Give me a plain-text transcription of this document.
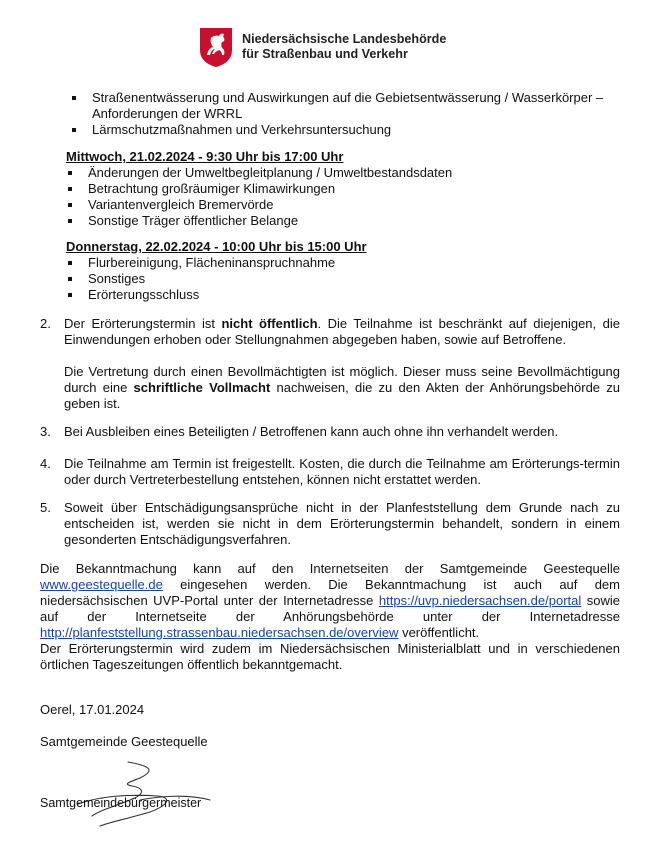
Niedersächsische Landesbehörde
für Straßenbau und Verkehr
Straßenentwässerung und Auswirkungen auf die Gebietsentwässerung / Wasserkörper – Anforderungen der WRRL
Lärmschutzmaßnahmen und Verkehrsuntersuchung
Mittwoch, 21.02.2024 - 9:30 Uhr bis 17:00 Uhr
Änderungen der Umweltbegleitplanung / Umweltbestandsdaten
Betrachtung großräumiger Klimawirkungen
Variantenvergleich Bremervörde
Sonstige Träger öffentlicher Belange
Donnerstag, 22.02.2024 - 10:00 Uhr bis 15:00 Uhr
Flurbereinigung, Flächeninanspruchnahme
Sonstiges
Erörterungsschluss
2.	Der Erörterungstermin ist nicht öffentlich. Die Teilnahme ist beschränkt auf diejenigen, die Einwendungen erhoben oder Stellungnahmen abgegeben haben, sowie auf Betroffene.

Die Vertretung durch einen Bevollmächtigten ist möglich. Dieser muss seine Bevollmächtigung durch eine schriftliche Vollmacht nachweisen, die zu den Akten der Anhörungsbehörde zu geben ist.

3.	Bei Ausbleiben eines Beteiligten / Betroffenen kann auch ohne ihn verhandelt werden.
4.	Die Teilnahme am Termin ist freigestellt. Kosten, die durch die Teilnahme am Erörterungs-termin oder durch Vertreterbestellung entstehen, können nicht erstattet werden.
5.	Soweit über Entschädigungsansprüche nicht in der Planfeststellung dem Grunde nach zu entscheiden ist, werden sie nicht in dem Erörterungstermin behandelt, sondern in einem gesonderten Entschädigungsverfahren.

Die Bekanntmachung kann auf den Internetseiten der Samtgemeinde Geestequelle www.geestequelle.de eingesehen werden. Die Bekanntmachung ist auch auf dem niedersächsischen UVP-Portal unter der Internetadresse https://uvp.niedersachsen.de/portal sowie auf der Internetseite der Anhörungsbehörde unter der Internetadresse http://planfeststellung.strassenbau.niedersachsen.de/overview veröffentlicht.

Der Erörterungstermin wird zudem im Niedersächsischen Ministerialblatt und in verschiedenen örtlichen Tageszeitungen öffentlich bekanntgemacht.

Oerel, 17.01.2024
Samtgemeinde Geestequelle
Samtgemeindebürgermeister
